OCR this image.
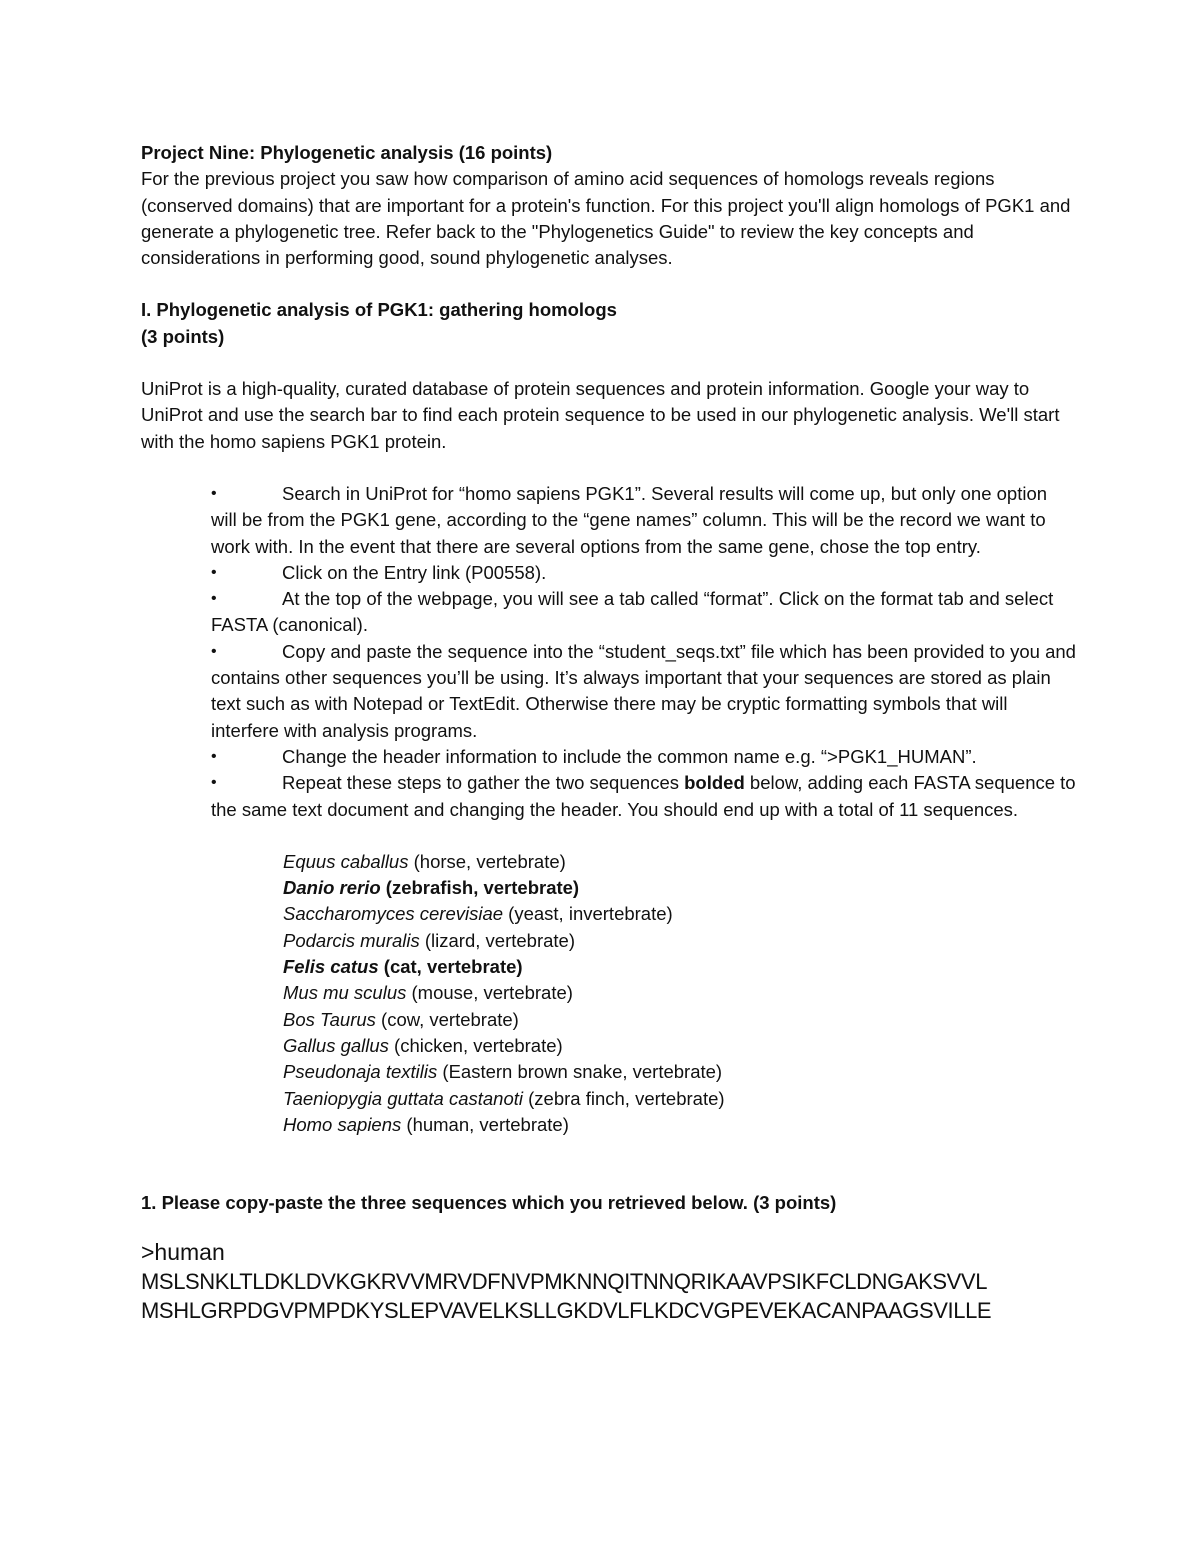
Project Nine: Phylogenetic analysis (16 points)

For the previous project you saw how comparison of amino acid sequences of homologs reveals regions (conserved domains) that are important for a protein's function. For this project you'll align homologs of PGK1 and generate a phylogenetic tree. Refer back to the "Phylogenetics Guide" to review the key concepts and considerations in performing good, sound phylogenetic analyses.

I. Phylogenetic analysis of PGK1: gathering homologs

(3 points)

UniProt is a high-quality, curated database of protein sequences and protein information. Google your way to UniProt and use the search bar to find each protein sequence to be used in our phylogenetic analysis. We'll start with the homo sapiens PGK1 protein.

•	Search in UniProt for “homo sapiens PGK1”. Several results will come up, but only one option will be from the PGK1 gene, according to the “gene names” column. This will be the record we want to work with. In the event that there are several options from the same gene, chose the top entry.
•	Click on the Entry link (P00558).
•	At the top of the webpage, you will see a tab called “format”. Click on the format tab and select FASTA (canonical).
•	Copy and paste the sequence into the “student_seqs.txt” file which has been provided to you and contains other sequences you’ll be using. It’s always important that your sequences are stored as plain text such as with Notepad or TextEdit. Otherwise there may be cryptic formatting symbols that will interfere with analysis programs.
•	Change the header information to include the common name e.g. “>PGK1_HUMAN”.
•	Repeat these steps to gather the two sequences bolded below, adding each FASTA sequence to the same text document and changing the header. You should end up with a total of 11 sequences.
Equus caballus (horse, vertebrate)
Danio rerio (zebrafish, vertebrate)
Saccharomyces cerevisiae (yeast, invertebrate)
Podarcis muralis (lizard, vertebrate)
Felis catus (cat, vertebrate)
Mus mu sculus (mouse, vertebrate)
Bos Taurus (cow, vertebrate)
Gallus gallus (chicken, vertebrate)
Pseudonaja textilis (Eastern brown snake, vertebrate)
Taeniopygia guttata castanoti (zebra finch, vertebrate)
Homo sapiens (human, vertebrate)

1. Please copy-paste the three sequences which you retrieved below. (3 points)

>human
MSLSNKLTLDKLDVKGKRVVMRVDFNVPMKNNQITNNQRIKAAVPSIKFCLDNGAKSVVL
MSHLGRPDGVPMPDKYSLEPVAVELKSLLGKDVLFLKDCVGPEVEKACANPAAGSVILLE
